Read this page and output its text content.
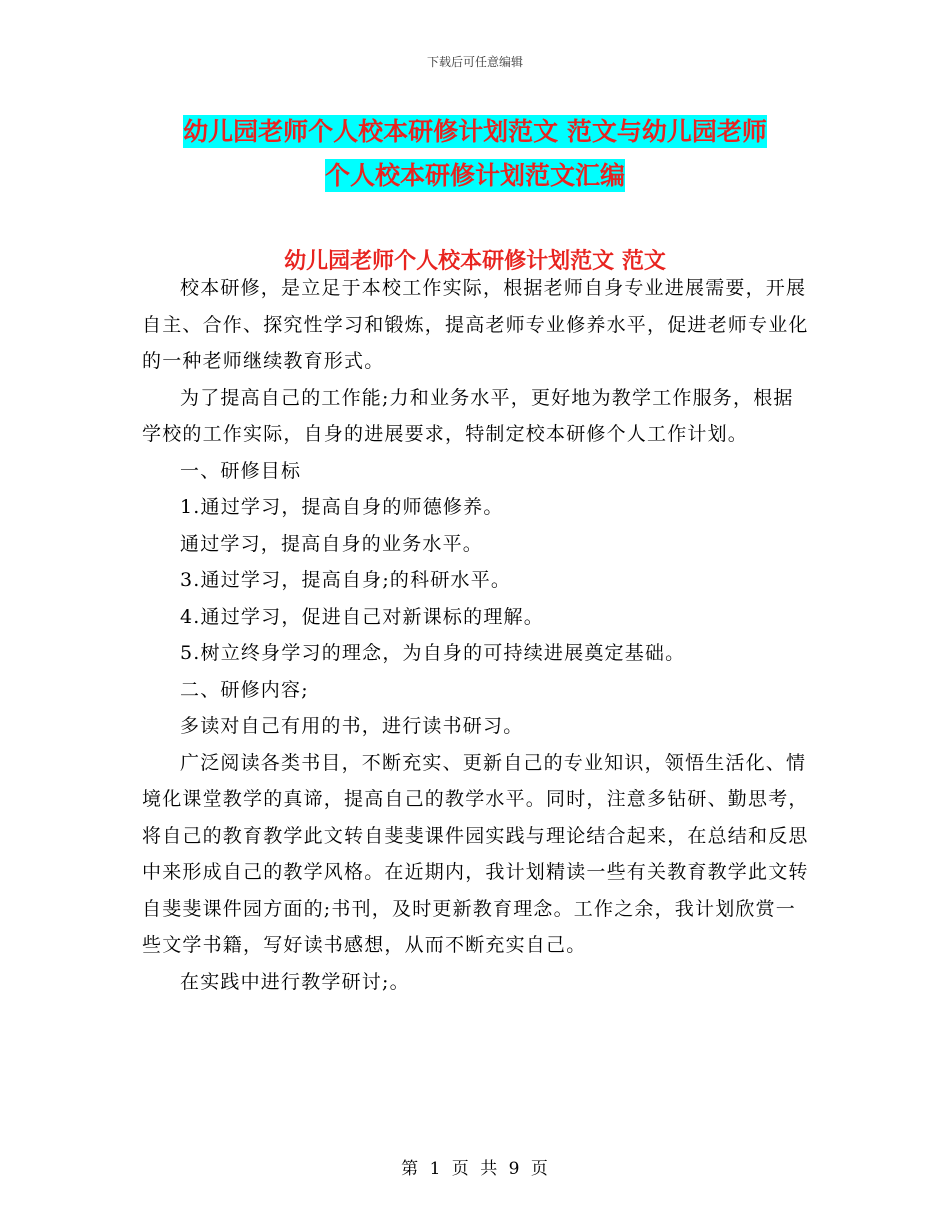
下载后可任意编辑
幼儿园老师个人校本研修计划范文 范文与幼儿园老师
个人校本研修计划范文汇编
幼儿园老师个人校本研修计划范文 范文

校本研修，是立足于本校工作实际，根据老师自身专业进展需要，开展自主、合作、探究性学习和锻炼，提高老师专业修养水平，促进老师专业化的一种老师继续教育形式。

为了提高自己的工作能;力和业务水平，更好地为教学工作服务，根据学校的工作实际，自身的进展要求，特制定校本研修个人工作计划。

一、研修目标

1.通过学习，提高自身的师德修养。

通过学习，提高自身的业务水平。

3.通过学习，提高自身;的科研水平。

4.通过学习，促进自己对新课标的理解。

5.树立终身学习的理念，为自身的可持续进展奠定基础。

二、研修内容;

多读对自己有用的书，进行读书研习。

广泛阅读各类书目，不断充实、更新自己的专业知识，领悟生活化、情境化课堂教学的真谛，提高自己的教学水平。同时，注意多钻研、勤思考，将自己的教育教学此文转自斐斐课件园实践与理论结合起来，在总结和反思中来形成自己的教学风格。在近期内，我计划精读一些有关教育教学此文转自斐斐课件园方面的;书刊，及时更新教育理念。工作之余，我计划欣赏一些文学书籍，写好读书感想，从而不断充实自己。

在实践中进行教学研讨;。

第 1 页 共 9 页
